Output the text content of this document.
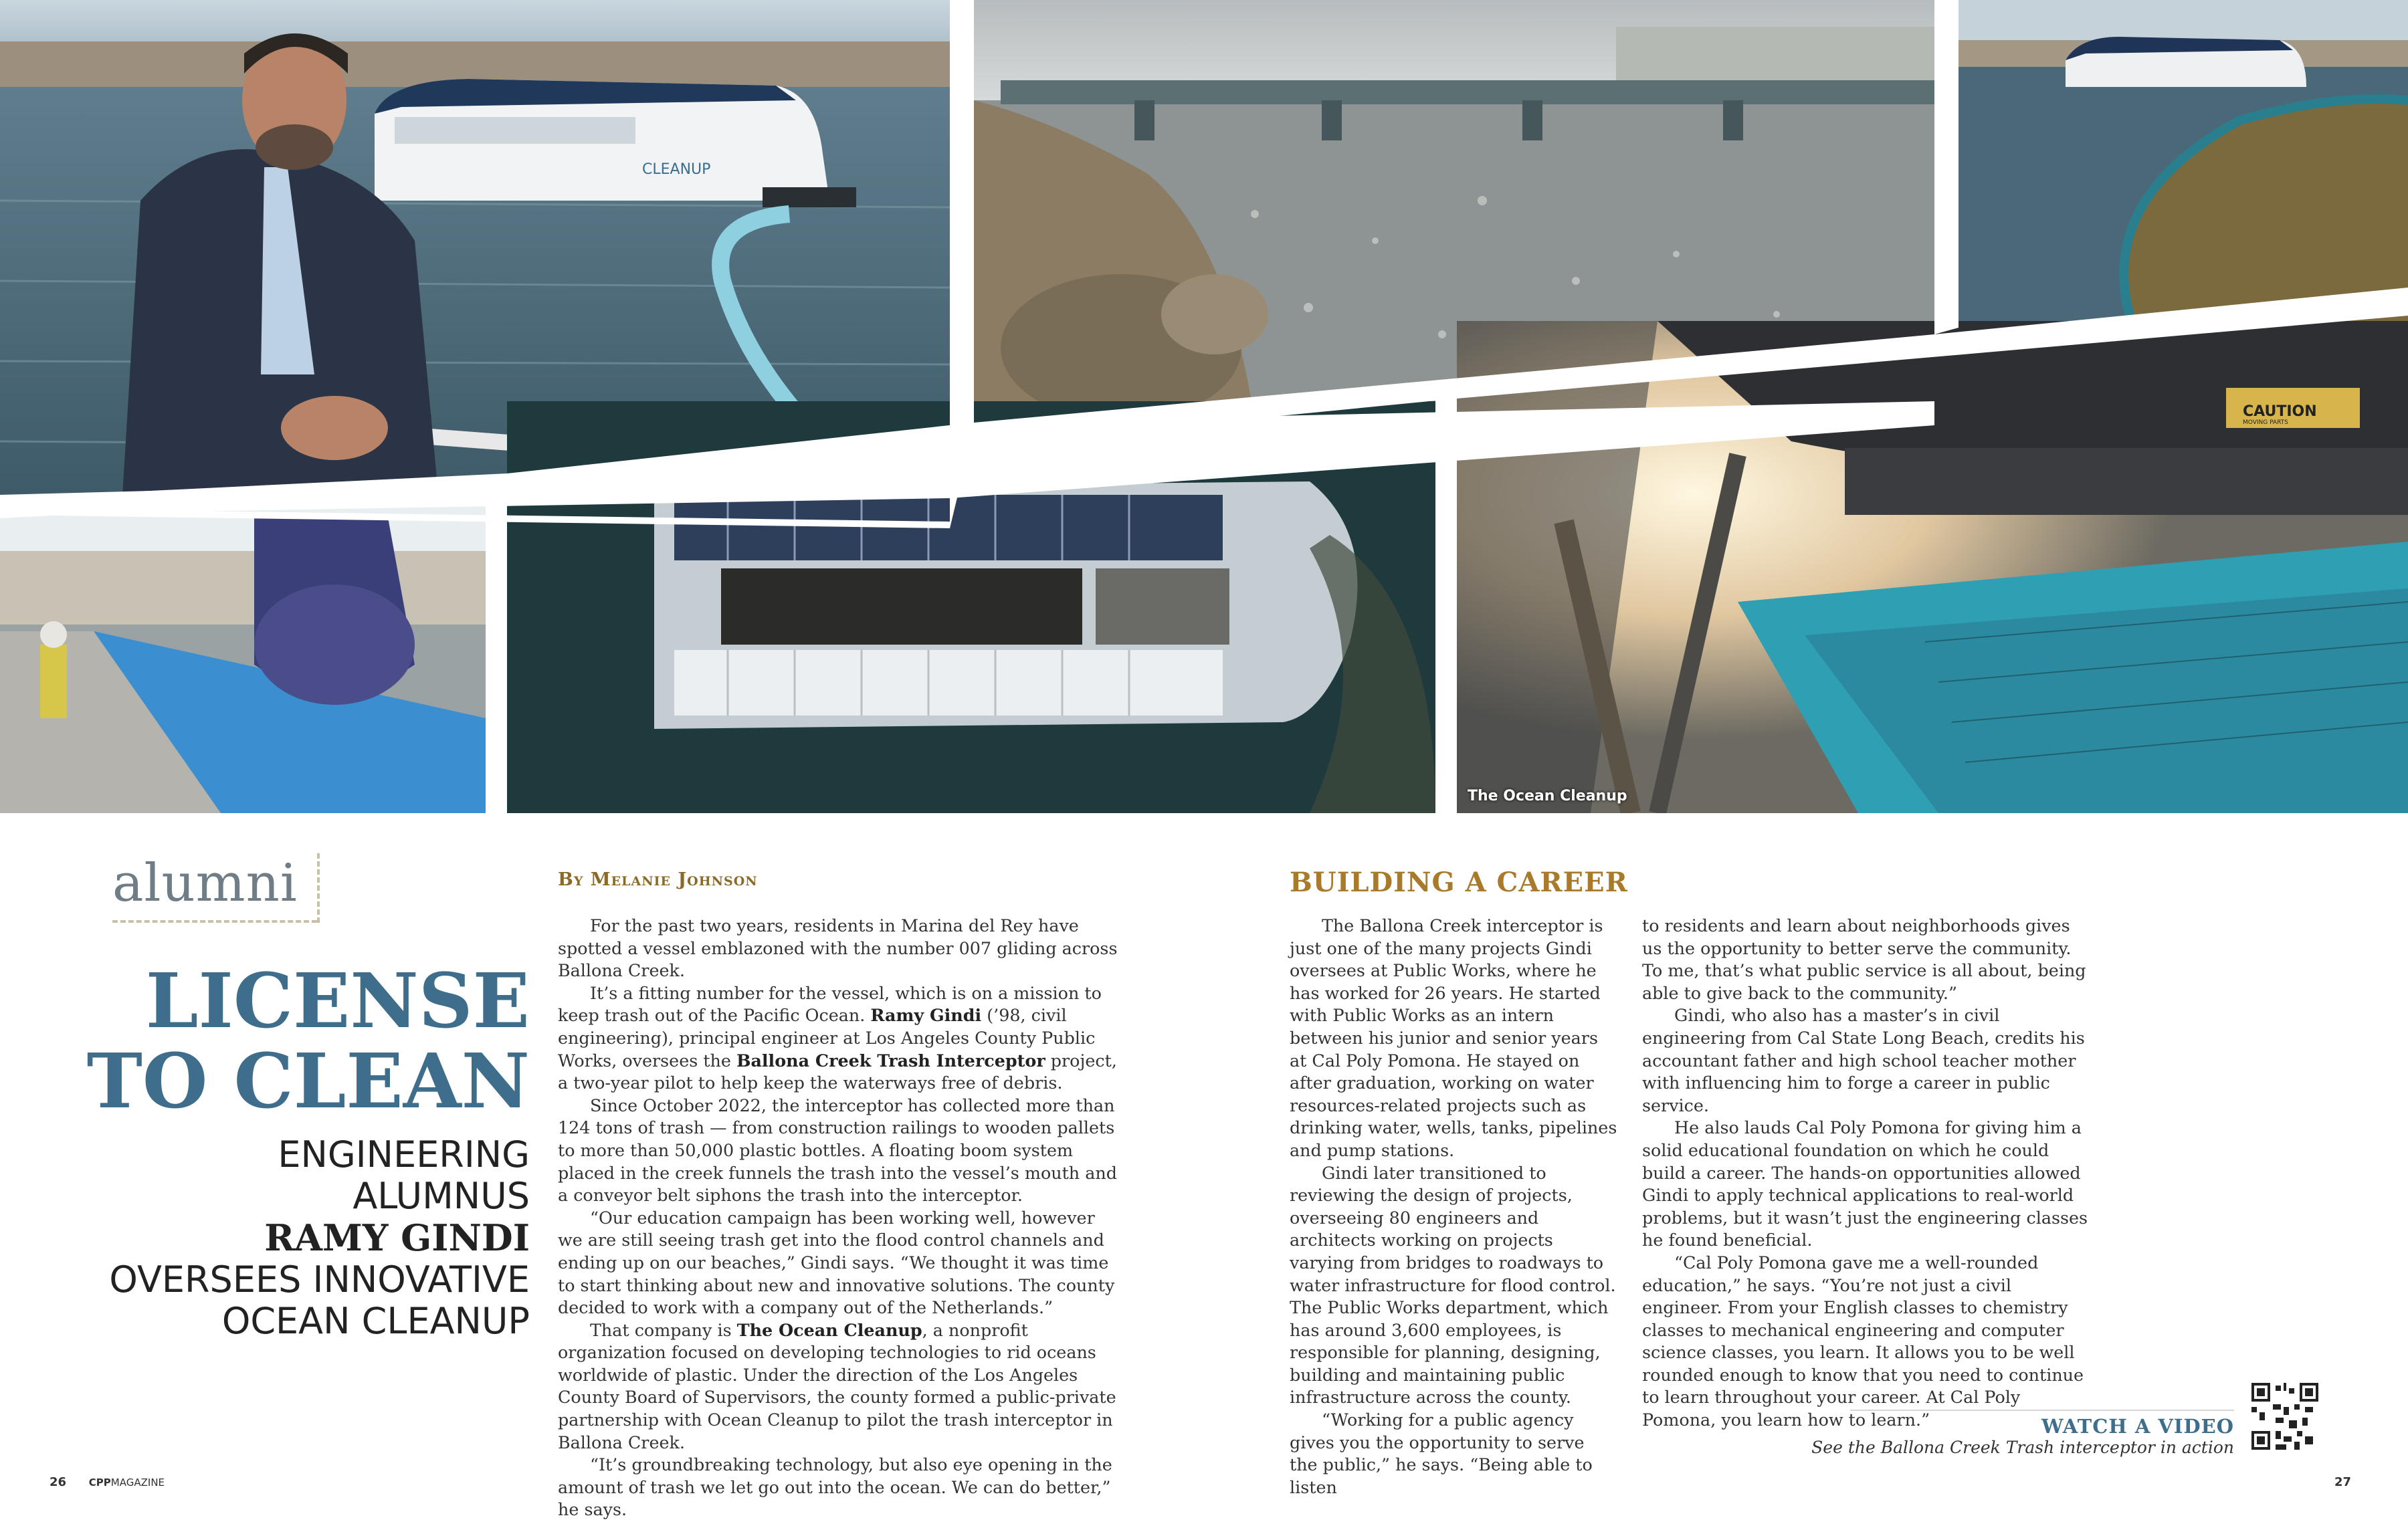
CLEANUP
CAUTION
MOVING PARTS
The Ocean Cleanup
alumni
LICENSE
TO CLEAN
ENGINEERING
ALUMNUS
RAMY GINDI
OVERSEES INNOVATIVE
OCEAN CLEANUP
By Melanie Johnson

For the past two years, residents in Marina del Rey have spotted a vessel emblazoned with the number 007 gliding across Ballona Creek.

It’s a fitting number for the vessel, which is on a mission to keep trash out of the Pacific Ocean. Ramy Gindi (’98, civil engineering), principal engineer at Los Angeles County Public Works, oversees the Ballona Creek Trash Interceptor project, a two-year pilot to help keep the waterways free of debris.

Since October 2022, the interceptor has collected more than 124 tons of trash — from construction railings to wooden pallets to more than 50,000 plastic bottles. A floating boom system placed in the creek funnels the trash into the vessel’s mouth and a conveyor belt siphons the trash into the interceptor.

“Our education campaign has been working well, however we are still seeing trash get into the flood control channels and ending up on our beaches,” Gindi says. “We thought it was time to start thinking about new and innovative solutions. The county decided to work with a company out of the Netherlands.”

That company is The Ocean Cleanup, a nonprofit organization focused on developing technologies to rid oceans worldwide of plastic. Under the direction of the Los Angeles County Board of Supervisors, the county formed a public-private partnership with Ocean Cleanup to pilot the trash interceptor in Ballona Creek.

“It’s groundbreaking technology, but also eye opening in the amount of trash we let go out into the ocean. We can do better,” he says.

BUILDING A CAREER

The Ballona Creek interceptor is just one of the many projects Gindi oversees at Public Works, where he has worked for 26 years. He started with Public Works as an intern between his junior and senior years at Cal Poly Pomona. He stayed on after graduation, working on water resources-related projects such as drinking water, wells, tanks, pipelines and pump stations.

Gindi later transitioned to reviewing the design of projects, overseeing 80 engineers and architects working on projects varying from bridges to roadways to water infrastructure for flood control. The Public Works department, which has around 3,600 employees, is responsible for planning, designing, building and maintaining public infrastructure across the county.

“Working for a public agency gives you the opportunity to serve the public,” he says. “Being able to listen

to residents and learn about neighborhoods gives us the opportunity to better serve the community. To me, that’s what public service is all about, being able to give back to the community.”

Gindi, who also has a master’s in civil engineering from Cal State Long Beach, credits his accountant father and high school teacher mother with influencing him to forge a career in public service.

He also lauds Cal Poly Pomona for giving him a solid educational foundation on which he could build a career. The hands-on opportunities allowed Gindi to apply technical applications to real-world problems, but it wasn’t just the engineering classes he found beneficial.

“Cal Poly Pomona gave me a well-rounded education,” he says. “You’re not just a civil engineer. From your English classes to chemistry classes to mechanical engineering and computer science classes, you learn. It allows you to be well rounded enough to know that you need to continue to learn throughout your career. At Cal Poly Pomona, you learn how to learn.”	WATCH A VIDEO
See the Ballona Creek Trash interceptor in action
26 CPPMAGAZINE	27
